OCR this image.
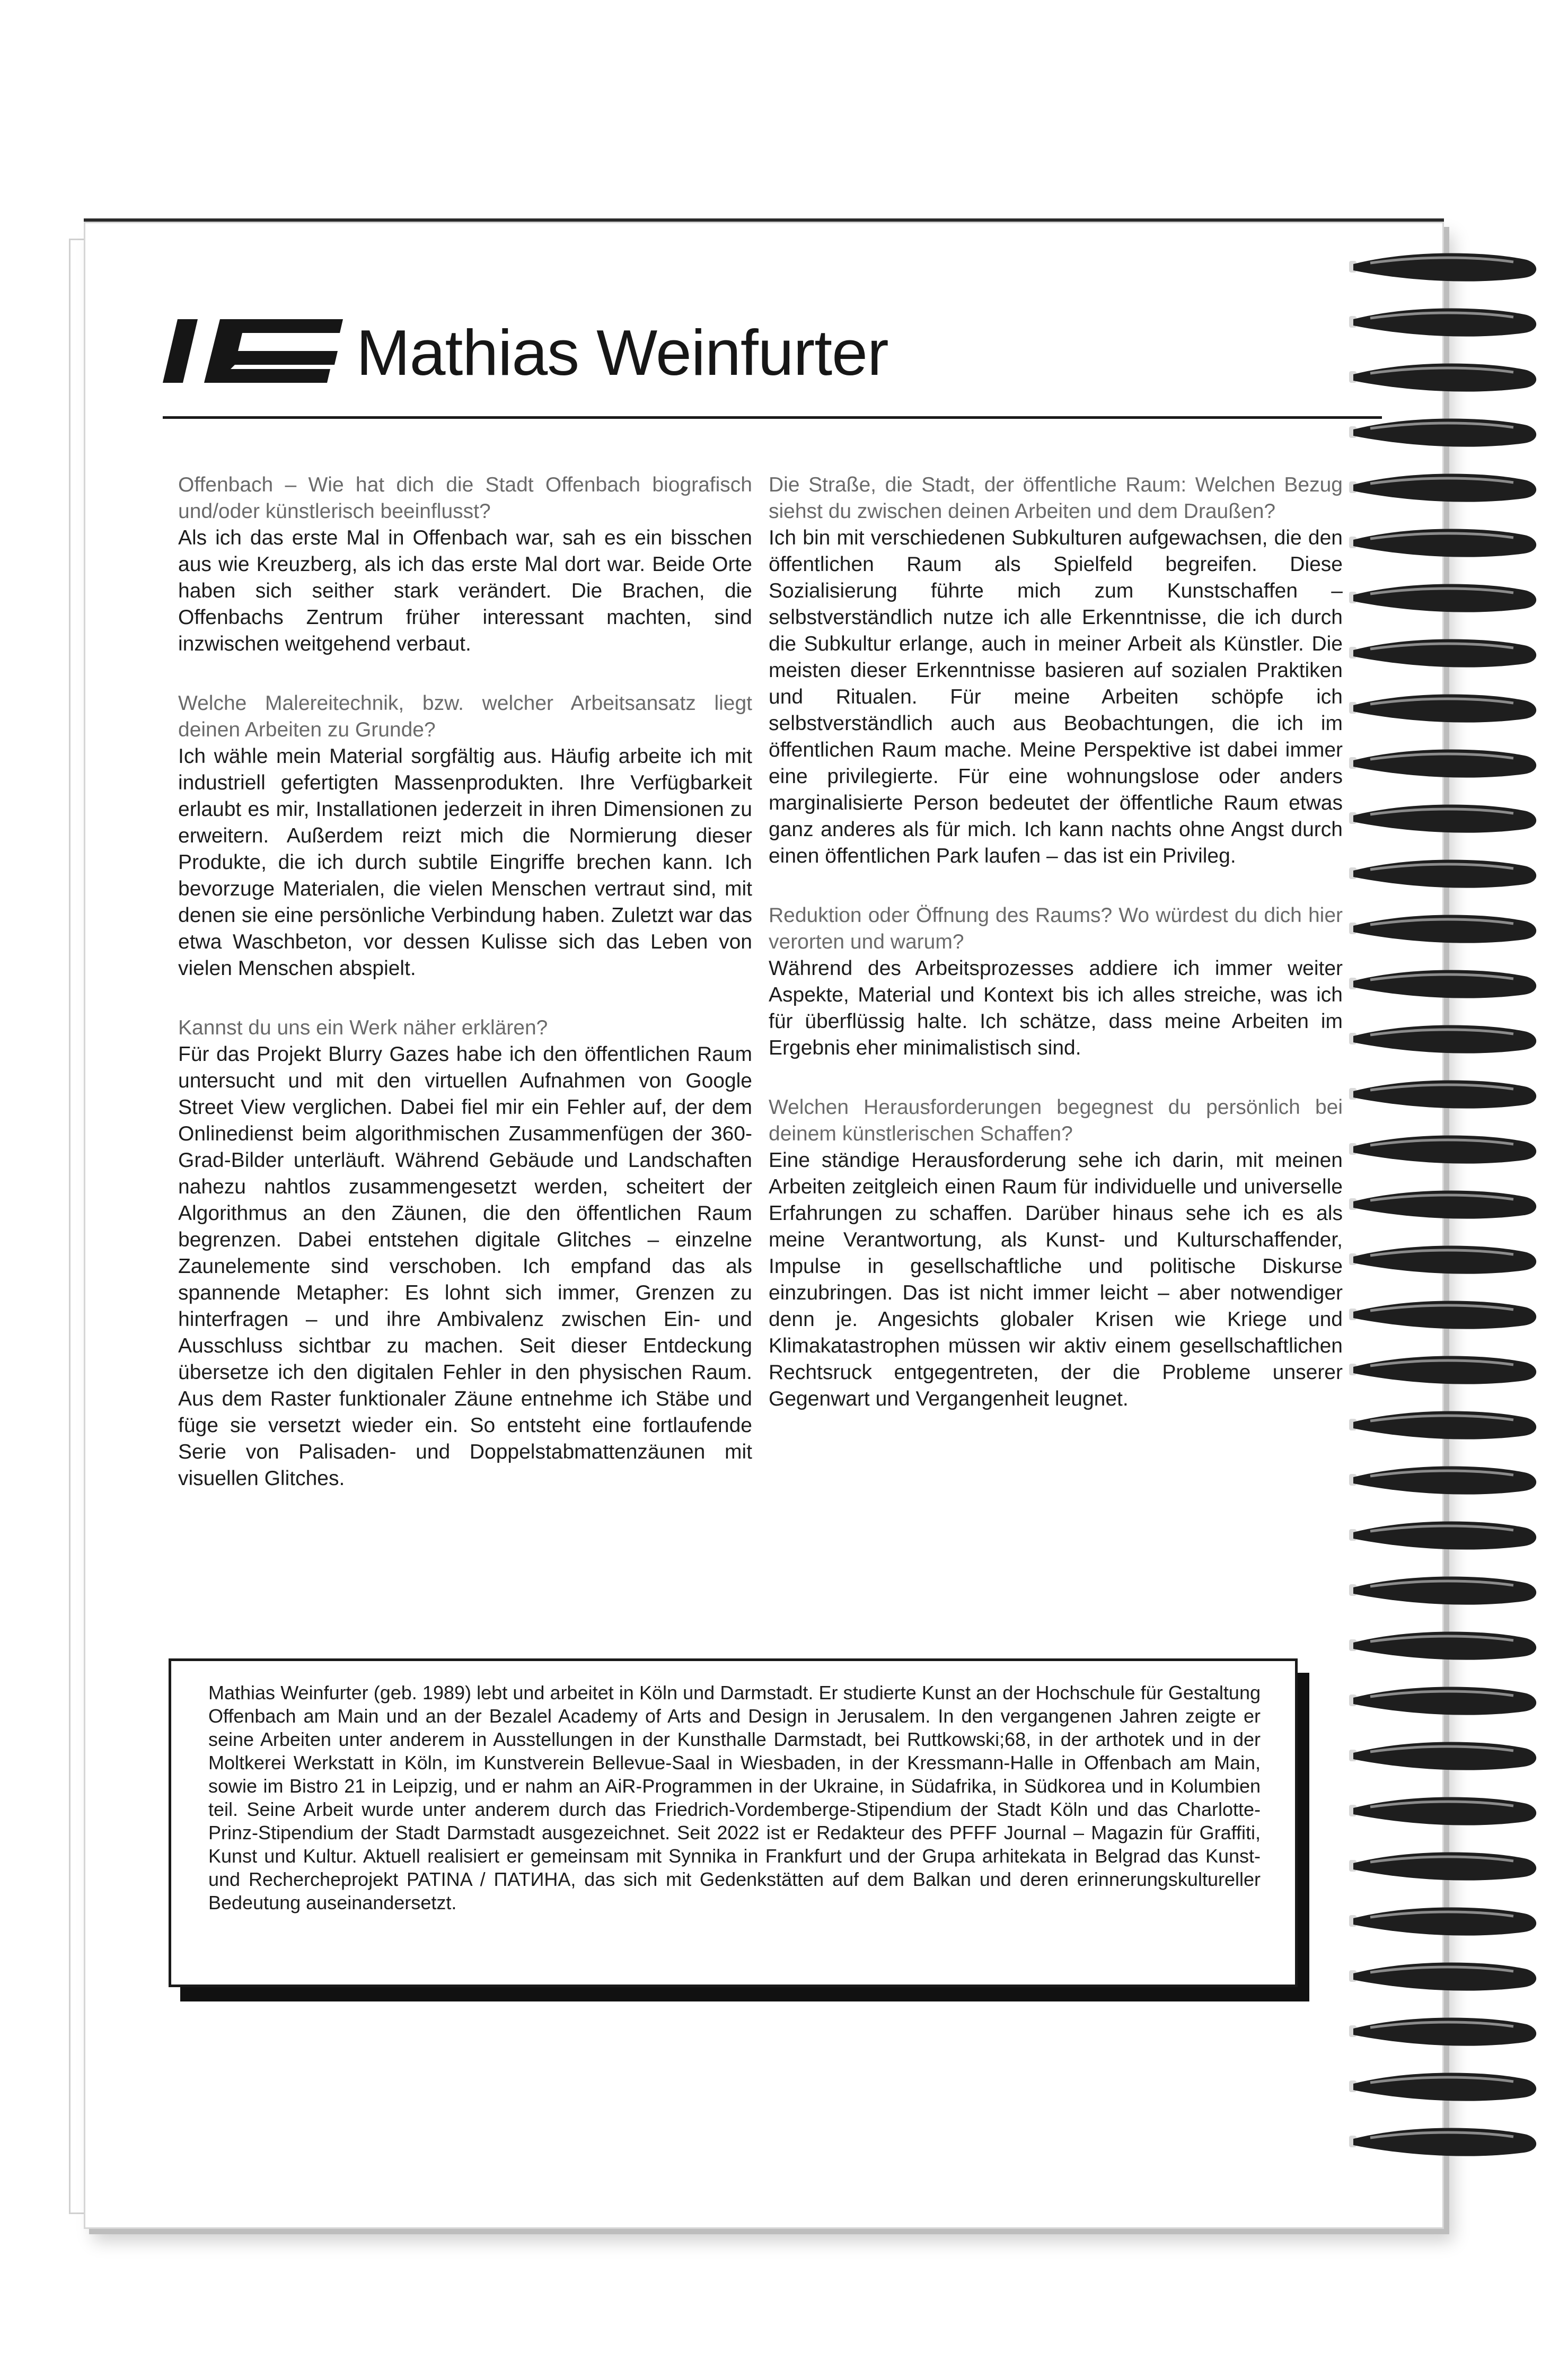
Mathias Weinfurter

Offenbach – Wie hat dich die Stadt Offenbach biografisch und/oder künstlerisch beeinflusst?

Als ich das erste Mal in Offenbach war, sah es ein bisschen aus wie Kreuzberg, als ich das erste Mal dort war. Beide Orte haben sich seither stark verändert. Die Brachen, die Offenbachs Zentrum früher interessant machten, sind inzwischen weitgehend verbaut.

Welche Malereitechnik, bzw. welcher Arbeitsansatz liegt deinen Arbeiten zu Grunde?

Ich wähle mein Material sorgfältig aus. Häufig arbeite ich mit industriell gefertigten Massenprodukten. Ihre Verfügbarkeit erlaubt es mir, Installationen jederzeit in ihren Dimensionen zu erweitern. Außerdem reizt mich die Normierung dieser Produkte, die ich durch subtile Eingriffe brechen kann. Ich bevorzuge Materialen, die vielen Menschen vertraut sind, mit denen sie eine persönliche Verbindung haben. Zuletzt war das etwa Waschbeton, vor dessen Kulisse sich das Leben von vielen Menschen abspielt.

Kannst du uns ein Werk näher erklären?

Für das Projekt Blurry Gazes habe ich den öffentlichen Raum untersucht und mit den virtuellen Aufnahmen von Google Street View verglichen. Dabei fiel mir ein Fehler auf, der dem Onlinedienst beim algorithmischen Zusammenfügen der 360-Grad-Bilder unterläuft. Während Gebäude und Landschaften nahezu nahtlos zusammengesetzt werden, scheitert der Algorithmus an den Zäunen, die den öffentlichen Raum begrenzen. Dabei entstehen digitale Glitches – einzelne Zaunelemente sind verschoben. Ich empfand das als spannende Metapher: Es lohnt sich immer, Grenzen zu hinterfragen – und ihre Ambivalenz zwischen Ein- und Ausschluss sichtbar zu machen. Seit dieser Entdeckung übersetze ich den digitalen Fehler in den physischen Raum. Aus dem Raster funktionaler Zäune entnehme ich Stäbe und füge sie versetzt wieder ein. So entsteht eine fortlaufende Serie von Palisaden- und Doppelstabmattenzäunen mit visuellen Glitches.

Die Straße, die Stadt, der öffentliche Raum: Welchen Bezug siehst du zwischen deinen Arbeiten und dem Draußen?

Ich bin mit verschiedenen Subkulturen aufgewachsen, die den öffentlichen Raum als Spielfeld begreifen. Diese Sozialisierung führte mich zum Kunstschaffen – selbstverständlich nutze ich alle Erkenntnisse, die ich durch die Subkultur erlange, auch in meiner Arbeit als Künstler. Die meisten dieser Erkenntnisse basieren auf sozialen Praktiken und Ritualen. Für meine Arbeiten schöpfe ich selbstverständlich auch aus Beobachtungen, die ich im öffentlichen Raum mache. Meine Perspektive ist dabei immer eine privilegierte. Für eine wohnungslose oder anders marginalisierte Person bedeutet der öffentliche Raum etwas ganz anderes als für mich. Ich kann nachts ohne Angst durch einen öffentlichen Park laufen – das ist ein Privileg.

Reduktion oder Öffnung des Raums? Wo würdest du dich hier verorten und warum?

Während des Arbeitsprozesses addiere ich immer weiter Aspekte, Material und Kontext bis ich alles streiche, was ich für überflüssig halte. Ich schätze, dass meine Arbeiten im Ergebnis eher minimalistisch sind.

Welchen Herausforderungen begegnest du persönlich bei deinem künstlerischen Schaffen?

Eine ständige Herausforderung sehe ich darin, mit meinen Arbeiten zeitgleich einen Raum für individuelle und universelle Erfahrungen zu schaffen. Darüber hinaus sehe ich es als meine Verantwortung, als Kunst- und Kulturschaffender, Impulse in gesellschaftliche und politische Diskurse einzubringen. Das ist nicht immer leicht – aber notwendiger denn je. Angesichts globaler Krisen wie Kriege und Klimakatastrophen müssen wir aktiv einem gesellschaftlichen Rechtsruck entgegentreten, der die Probleme unserer Gegenwart und Vergangenheit leugnet.

Mathias Weinfurter (geb. 1989) lebt und arbeitet in Köln und Darmstadt. Er studierte Kunst an der Hochschule für Gestaltung Offenbach am Main und an der Bezalel Academy of Arts and Design in Jerusalem. In den vergangenen Jahren zeigte er seine Arbeiten unter anderem in Ausstellungen in der Kunsthalle Darmstadt, bei Ruttkowski;68, in der arthotek und in der Moltkerei Werkstatt in Köln, im Kunstverein Bellevue-Saal in Wiesbaden, in der Kressmann-Halle in Offenbach am Main, sowie im Bistro 21 in Leipzig, und er nahm an AiR-Programmen in der Ukraine, in Südafrika, in Südkorea und in Kolumbien teil. Seine Arbeit wurde unter anderem durch das Friedrich-Vordemberge-Stipendium der Stadt Köln und das Charlotte-Prinz-Stipendium der Stadt Darmstadt ausgezeichnet. Seit 2022 ist er Redakteur des PFFF Journal – Magazin für Graffiti, Kunst und Kultur. Aktuell realisiert er gemeinsam mit Synnika in Frankfurt und der Grupa arhitekata in Belgrad das Kunst- und Rechercheprojekt PATINA / ПАТИНА, das sich mit Gedenkstätten auf dem Balkan und deren erinnerungskultureller Bedeutung auseinandersetzt.
